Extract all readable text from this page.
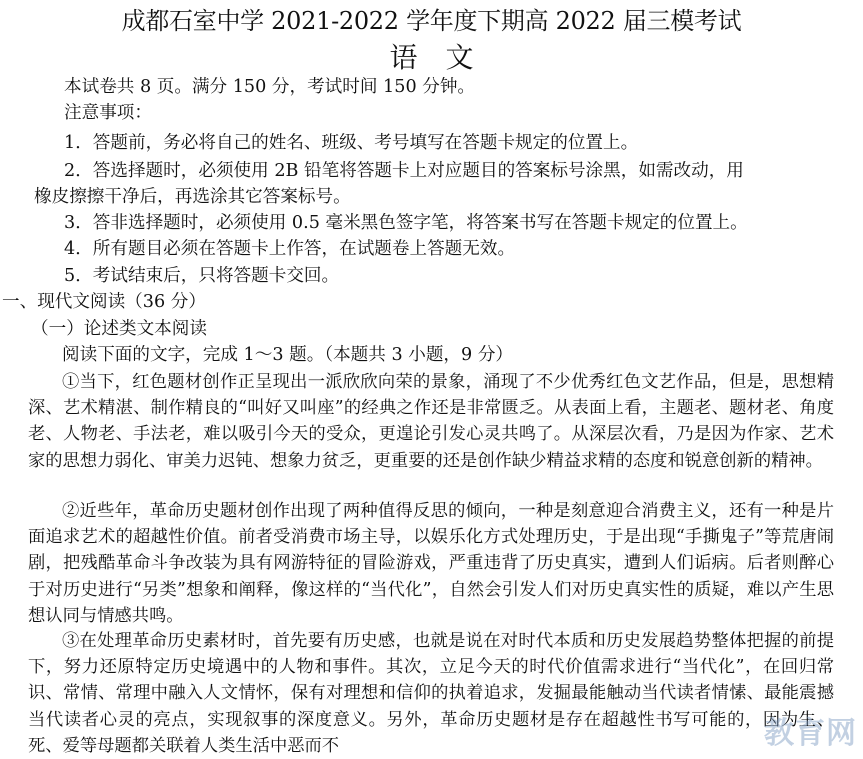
成都石室中学 2021-2022 学年度下期高 2022 届三模考试
语　文
本试卷共 8 页。满分 150 分，考试时间 150 分钟。
注意事项：
1．答题前，务必将自己的姓名、班级、考号填写在答题卡规定的位置上。
2．答选择题时，必须使用 2B 铅笔将答题卡上对应题目的答案标号涂黑，如需改动，用
橡皮擦擦干净后，再选涂其它答案标号。
3．答非选择题时，必须使用 0.5 毫米黑色签字笔，将答案书写在答题卡规定的位置上。
4．所有题目必须在答题卡上作答，在试题卷上答题无效。
5．考试结束后，只将答题卡交回。
一、现代文阅读（36 分）
（一）论述类文本阅读
阅读下面的文字，完成 1～3 题。（本题共 3 小题，9 分）
①当下，红色题材创作正呈现出一派欣欣向荣的景象，涌现了不少优秀红色文艺作品，但是，思想精深、艺术精湛、制作精良的“叫好又叫座”的经典之作还是非常匮乏。从表面上看，主题老、题材老、角度老、人物老、手法老，难以吸引今天的受众，更遑论引发心灵共鸣了。从深层次看，乃是因为作家、艺术家的思想力弱化、审美力迟钝、想象力贫乏，更重要的还是创作缺少精益求精的态度和锐意创新的精神。
②近些年，革命历史题材创作出现了两种值得反思的倾向，一种是刻意迎合消费主义，还有一种是片面追求艺术的超越性价值。前者受消费市场主导，以娱乐化方式处理历史，于是出现“手撕鬼子”等荒唐闹剧，把残酷革命斗争改装为具有网游特征的冒险游戏，严重违背了历史真实，遭到人们诟病。后者则醉心于对历史进行“另类”想象和阐释，像这样的“当代化”，自然会引发人们对历史真实性的质疑，难以产生思想认同与情感共鸣。
③在处理革命历史素材时，首先要有历史感，也就是说在对时代本质和历史发展趋势整体把握的前提下，努力还原特定历史境遇中的人物和事件。其次，立足今天的时代价值需求进行“当代化”，在回归常识、常情、常理中融入人文情怀，保有对理想和信仰的执着追求，发掘最能触动当代读者情愫、最能震撼当代读者心灵的亮点，实现叙事的深度意义。另外，革命历史题材是存在超越性书写可能的，因为生、死、爱等母题都关联着人类生活中恶而不	教育网
